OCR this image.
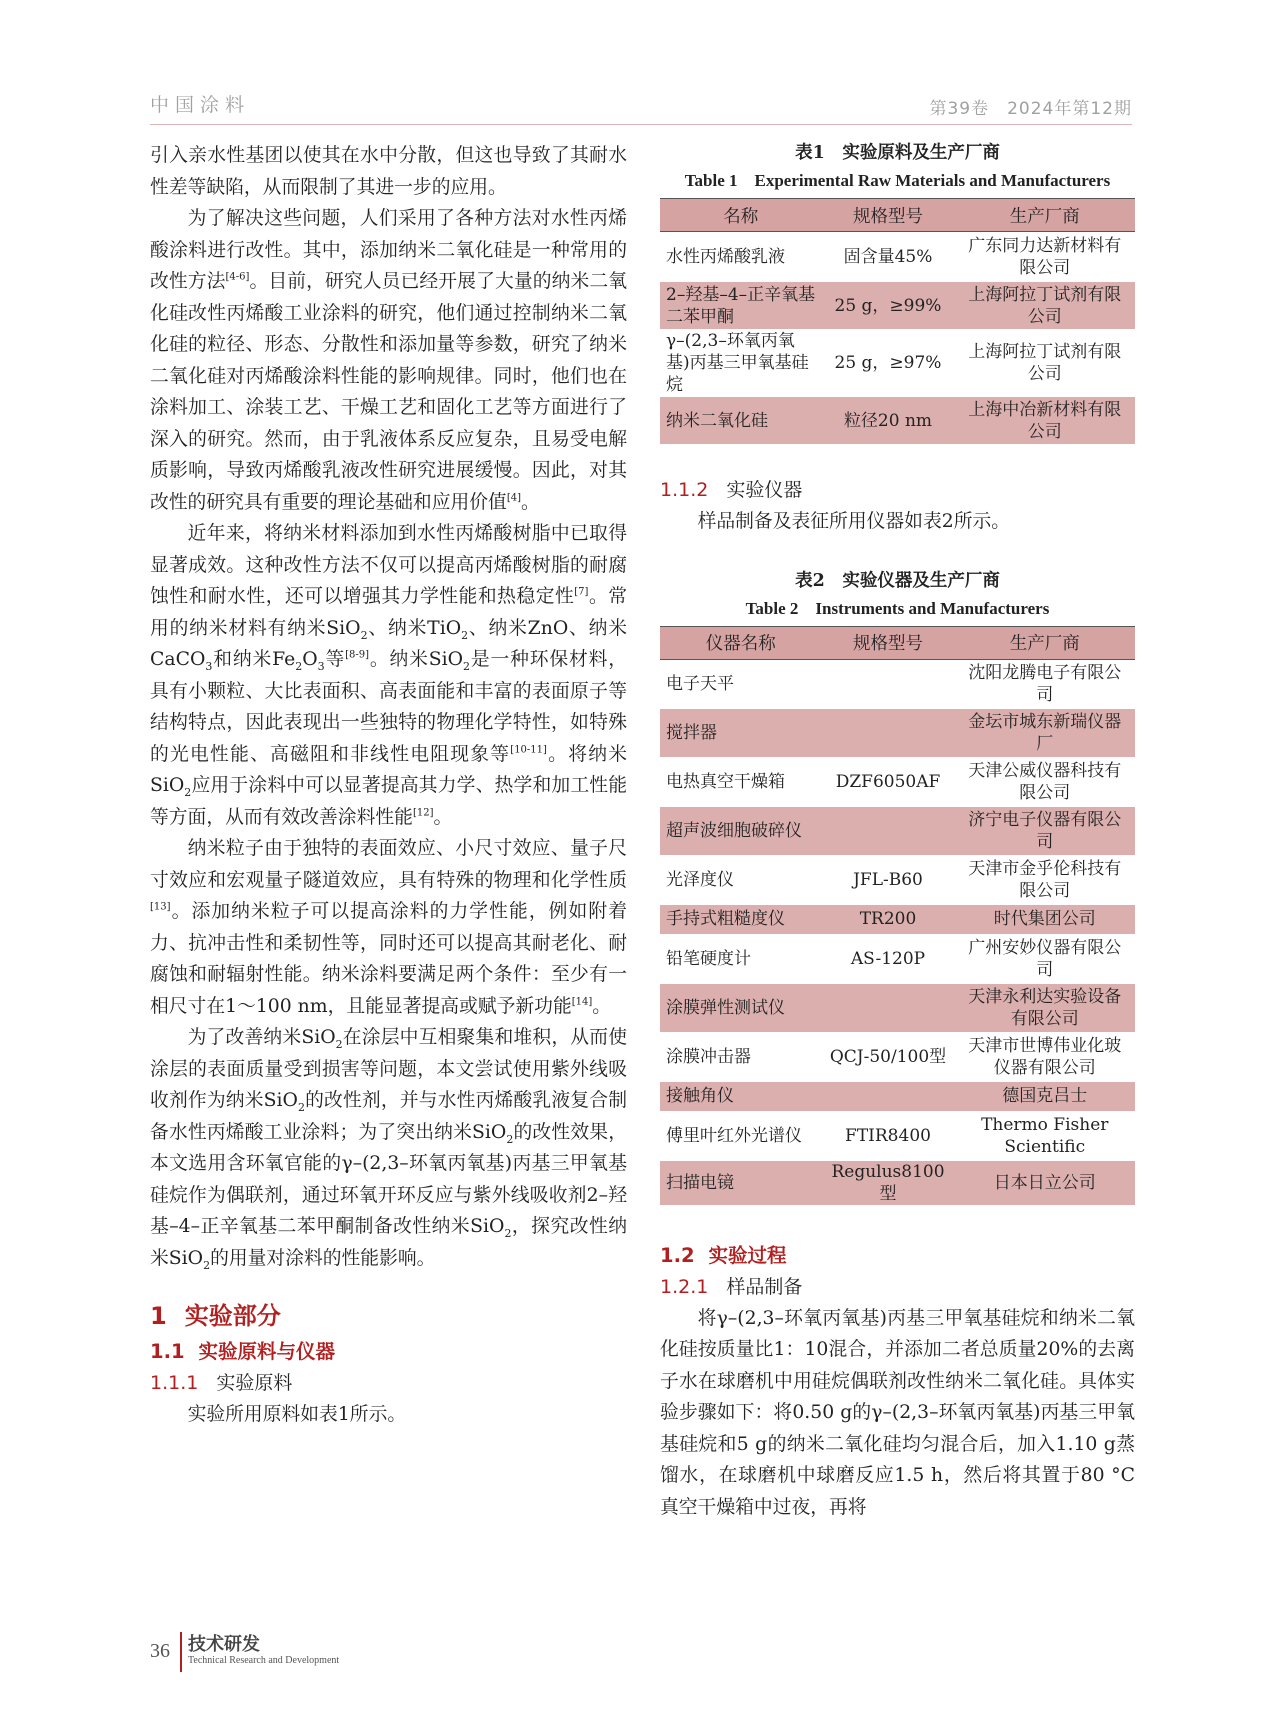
中国涂料	第39卷　2024年第12期

引入亲水性基团以使其在水中分散，但这也导致了其耐水性差等缺陷，从而限制了其进一步的应用。

为了解决这些问题，人们采用了各种方法对水性丙烯酸涂料进行改性。其中，添加纳米二氧化硅是一种常用的改性方法[4-6]。目前，研究人员已经开展了大量的纳米二氧化硅改性丙烯酸工业涂料的研究，他们通过控制纳米二氧化硅的粒径、形态、分散性和添加量等参数，研究了纳米二氧化硅对丙烯酸涂料性能的影响规律。同时，他们也在涂料加工、涂装工艺、干燥工艺和固化工艺等方面进行了深入的研究。然而，由于乳液体系反应复杂，且易受电解质影响，导致丙烯酸乳液改性研究进展缓慢。因此，对其改性的研究具有重要的理论基础和应用价值[4]。

近年来，将纳米材料添加到水性丙烯酸树脂中已取得显著成效。这种改性方法不仅可以提高丙烯酸树脂的耐腐蚀性和耐水性，还可以增强其力学性能和热稳定性[7]。常用的纳米材料有纳米SiO$_2$、纳米TiO$_2$、纳米ZnO、纳米CaCO$_3$和纳米$Fe_2O_3$等[8-9]。纳米SiO$_2$是一种环保材料，具有小颗粒、大比表面积、高表面能和丰富的表面原子等结构特点，因此表现出一些独特的物理化学特性，如特殊的光电性能、高磁阻和非线性电阻现象等[10-11]。将纳米SiO$_2$应用于涂料中可以显著提高其力学、热学和加工性能等方面，从而有效改善涂料性能[12]。

纳米粒子由于独特的表面效应、小尺寸效应、量子尺寸效应和宏观量子隧道效应，具有特殊的物理和化学性质[13]。添加纳米粒子可以提高涂料的力学性能，例如附着力、抗冲击性和柔韧性等，同时还可以提高其耐老化、耐腐蚀和耐辐射性能。纳米涂料要满足两个条件：至少有一相尺寸在1～100 nm，且能显著提高或赋予新功能[14]。

为了改善纳米SiO$_2$在涂层中互相聚集和堆积，从而使涂层的表面质量受到损害等问题，本文尝试使用紫外线吸收剂作为纳米SiO$_2$的改性剂，并与水性丙烯酸乳液复合制备水性丙烯酸工业涂料；为了突出纳米SiO$_2$的改性效果，本文选用含环氧官能的γ–(2,3–环氧丙氧基)丙基三甲氧基硅烷作为偶联剂，通过环氧开环反应与紫外线吸收剂2–羟基–4–正辛氧基二苯甲酮制备改性纳米SiO$_2$，探究改性纳米SiO$_2$的用量对涂料的性能影响。

1 实验部分
1.1 实验原料与仪器
1.1.1 实验原料

实验所用原料如表1所示。

表1　实验原料及生产厂商
Table 1　Experimental Raw Materials and Manufacturers
名称	规格型号	生产厂商
水性丙烯酸乳液	固含量45%	广东同力达新材料有限公司
2–羟基–4–正辛氧基二苯甲酮	25 g，≥99%	上海阿拉丁试剂有限公司
γ–(2,3–环氧丙氧基)丙基三甲氧基硅烷	25 g，≥97%	上海阿拉丁试剂有限公司
纳米二氧化硅	粒径20 nm	上海中冶新材料有限公司
1.1.2 实验仪器

样品制备及表征所用仪器如表2所示。

表2　实验仪器及生产厂商
Table 2　Instruments and Manufacturers
仪器名称	规格型号	生产厂商
电子天平		沈阳龙腾电子有限公司
搅拌器		金坛市城东新瑞仪器厂
电热真空干燥箱	DZF6050AF	天津公威仪器科技有限公司
超声波细胞破碎仪		济宁电子仪器有限公司
光泽度仪	JFL-B60	天津市金乎伦科技有限公司
手持式粗糙度仪	TR200	时代集团公司
铅笔硬度计	AS-120P	广州安妙仪器有限公司
涂膜弹性测试仪		天津永利达实验设备有限公司
涂膜冲击器	QCJ-50/100型	天津市世博伟业化玻仪器有限公司
接触角仪		德国克吕士
傅里叶红外光谱仪	FTIR8400	Thermo Fisher Scientific
扫描电镜	Regulus8100型	日本日立公司
1.2 实验过程
1.2.1 样品制备

将γ–(2,3–环氧丙氧基)丙基三甲氧基硅烷和纳米二氧化硅按质量比1：10混合，并添加二者总质量20%的去离子水在球磨机中用硅烷偶联剂改性纳米二氧化硅。具体实验步骤如下：将0.50 g的γ–(2,3–环氧丙氧基)丙基三甲氧基硅烷和5 g的纳米二氧化硅均匀混合后，加入1.10 g蒸馏水，在球磨机中球磨反应1.5 h，然后将其置于80 °C真空干燥箱中过夜，再将

36 技术研发
Technical Research and Development
